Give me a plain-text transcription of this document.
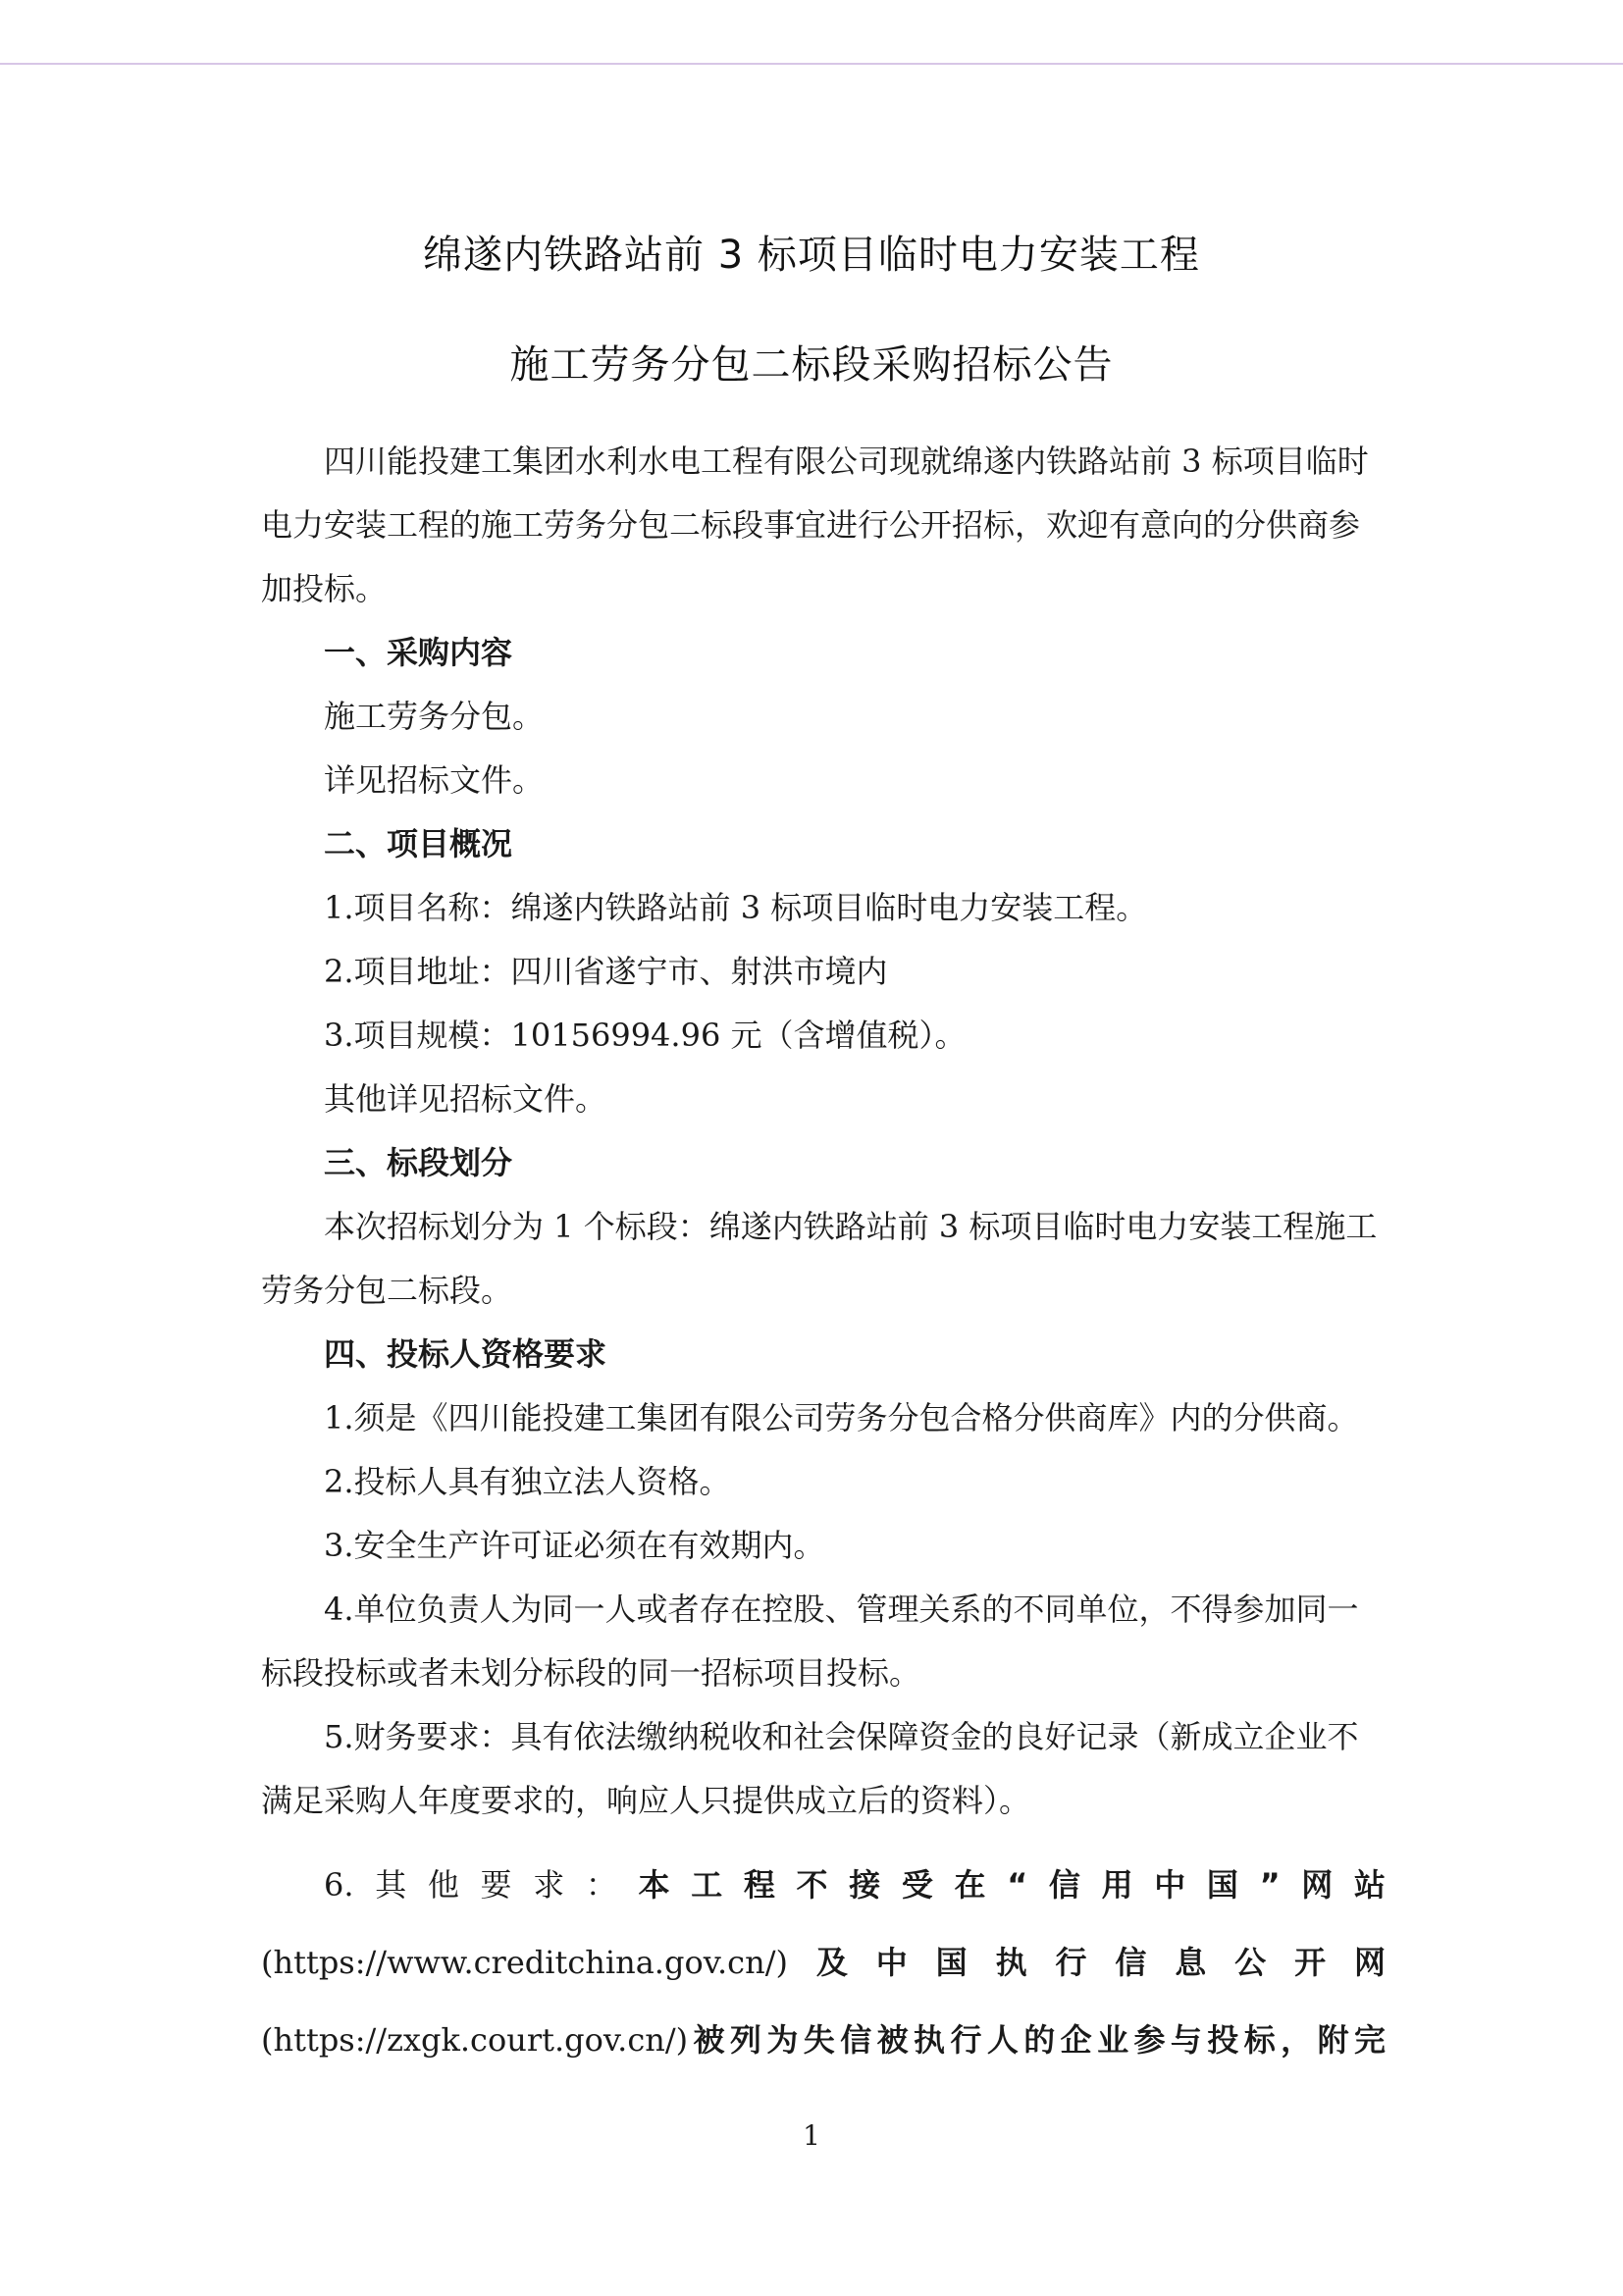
绵遂内铁路站前 3 标项目临时电力安装工程
施工劳务分包二标段采购招标公告

四川能投建工集团水利水电工程有限公司现就绵遂内铁路站前 3 标项目临时电力安装工程的施工劳务分包二标段事宜进行公开招标，欢迎有意向的分供商参加投标。

一、采购内容

施工劳务分包。

详见招标文件。

二、项目概况

1.项目名称：绵遂内铁路站前 3 标项目临时电力安装工程。

2.项目地址：四川省遂宁市、射洪市境内

3.项目规模：10156994.96 元（含增值税）。

其他详见招标文件。

三、标段划分

本次招标划分为 1 个标段：绵遂内铁路站前 3 标项目临时电力安装工程施工劳务分包二标段。

四、投标人资格要求

1.须是《四川能投建工集团有限公司劳务分包合格分供商库》内的分供商。

2.投标人具有独立法人资格。

3.安全生产许可证必须在有效期内。

4.单位负责人为同一人或者存在控股、管理关系的不同单位，不得参加同一标段投标或者未划分标段的同一招标项目投标。

5.财务要求：具有依法缴纳税收和社会保障资金的良好记录（新成立企业不满足采购人年度要求的，响应人只提供成立后的资料）。

6.其他要求：本工程不接受在“信用中国”网站
(https://www.creditchina.gov.cn/)及中国执行信息公开网
(https://zxgk.court.gov.cn/)被列为失信被执行人的企业参与投标，附完
1
